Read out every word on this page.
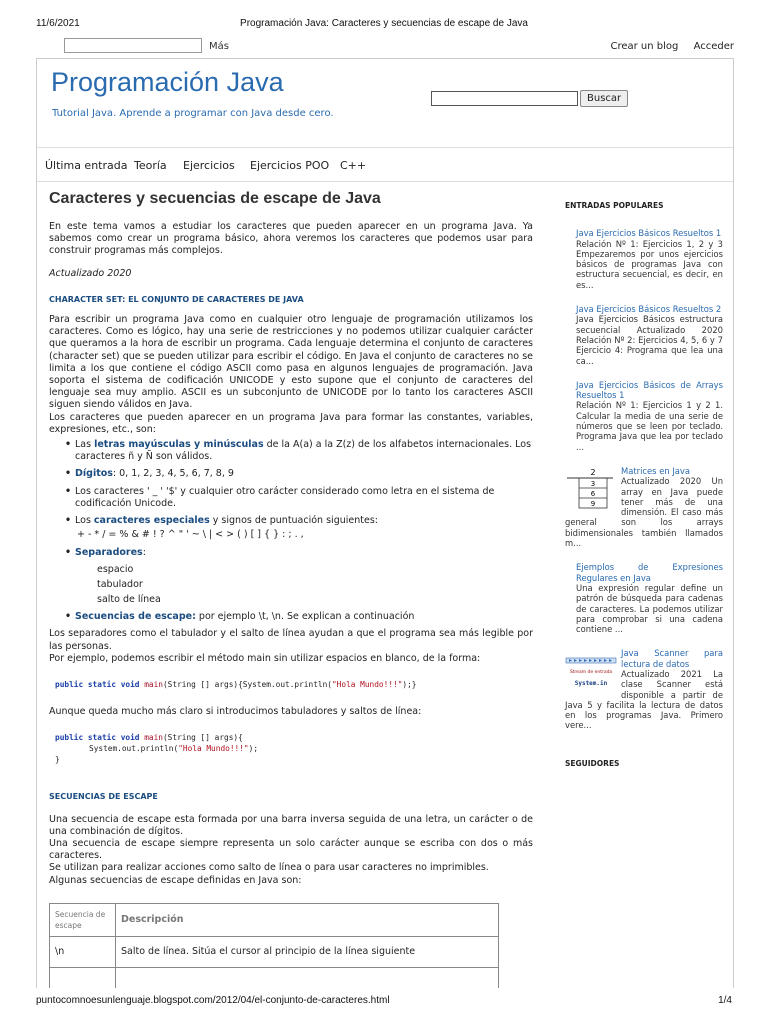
11/6/2021	Programación Java: Caracteres y secuencias de escape de Java
Más	Crear un blog Acceder
Programación Java
Tutorial Java. Aprende a programar con Java desde cero.
Buscar
Última entrada Teoría Ejercicios Ejercicios POO C++
Caracteres y secuencias de escape de Java

En este tema vamos a estudiar los caracteres que pueden aparecer en un programa Java. Ya sabemos como crear un programa básico, ahora veremos los caracteres que podemos usar para construir programas más complejos.

Actualizado 2020

CHARACTER SET: EL CONJUNTO DE CARACTERES DE JAVA

Para escribir un programa Java como en cualquier otro lenguaje de programación utilizamos los caracteres. Como es lógico, hay una serie de restricciones y no podemos utilizar cualquier carácter que queramos a la hora de escribir un programa. Cada lenguaje determina el conjunto de caracteres (character set) que se pueden utilizar para escribir el código. En Java el conjunto de caracteres no se limita a los que contiene el código ASCII como pasa en algunos lenguajes de programación. Java soporta el sistema de codificación UNICODE y esto supone que el conjunto de caracteres del lenguaje sea muy amplio. ASCII es un subconjunto de UNICODE por lo tanto los caracteres ASCII siguen siendo válidos en Java.

Los caracteres que pueden aparecer en un programa Java para formar las constantes, variables, expresiones, etc., son:

• Las letras mayúsculas y minúsculas de la A(a) a la Z(z) de los alfabetos internacionales. Los caracteres ñ y Ñ son válidos.
• Dígitos: 0, 1, 2, 3, 4, 5, 6, 7, 8, 9
• Los caracteres ' _ ' '$' y cualquier otro carácter considerado como letra en el sistema de codificación Unicode.
• Los caracteres especiales y signos de puntuación siguientes:
+ - * / = % & # ! ? ^ " ' ~ \ | < > ( ) [ ] { } : ; . ,
• Separadores:
espacio
tabulador
salto de línea
• Secuencias de escape: por ejemplo \t, \n. Se explican a continuación

Los separadores como el tabulador y el salto de línea ayudan a que el programa sea más legible por las personas.

Por ejemplo, podemos escribir el método main sin utilizar espacios en blanco, de la forma:

public static void main(String [] args){System.out.println("Hola Mundo!!!");}

Aunque queda mucho más claro si introducimos tabuladores y saltos de línea:

public static void main(String [] args){
System.out.println("Hola Mundo!!!");
}
SECUENCIAS DE ESCAPE

Una secuencia de escape esta formada por una barra inversa seguida de una letra, un carácter o de una combinación de dígitos.

Una secuencia de escape siempre representa un solo carácter aunque se escriba con dos o más caracteres.

Se utilizan para realizar acciones como salto de línea o para usar caracteres no imprimibles.

Algunas secuencias de escape definidas en Java son:

Secuencia de escape	Descripción
\n	Salto de línea. Sitúa el cursor al principio de la línea siguiente

ENTRADAS POPULARES
Java Ejercicios Básicos Resueltos 1
Relación Nº 1: Ejercicios 1, 2 y 3 Empezaremos por unos ejercicios básicos de programas Java con estructura secuencial, es decir, en es...
Java Ejercicios Básicos Resueltos 2
Java Ejercicios Básicos estructura secuencial Actualizado 2020 Relación Nº 2: Ejercicios 4, 5, 6 y 7 Ejercicio 4: Programa que lea una ca...
Java Ejercicios Básicos de Arrays Resueltos 1
Relación Nº 1: Ejercicios 1 y 2 1. Calcular la media de una serie de números que se leen por teclado. Programa Java que lea por teclado ...
2
3
6
9
Matrices en Java
Actualizado 2020 Un array en Java puede tener más de una dimensión. El caso más general son los arrays bidimensionales también llamados m...
Ejemplos de Expresiones Regulares en Java
Una expresión regular define un patrón de búsqueda para cadenas de caracteres. La podemos utilizar para comprobar si una cadena contiene ...
Stream de entrada
System.in
Java Scanner para lectura de datos
Actualizado 2021 La clase Scanner está disponible a partir de Java 5 y facilita la lectura de datos en los programas Java. Primero vere...
SEGUIDORES
puntocomnoesunlenguaje.blogspot.com/2012/04/el-conjunto-de-caracteres.html	1/4
